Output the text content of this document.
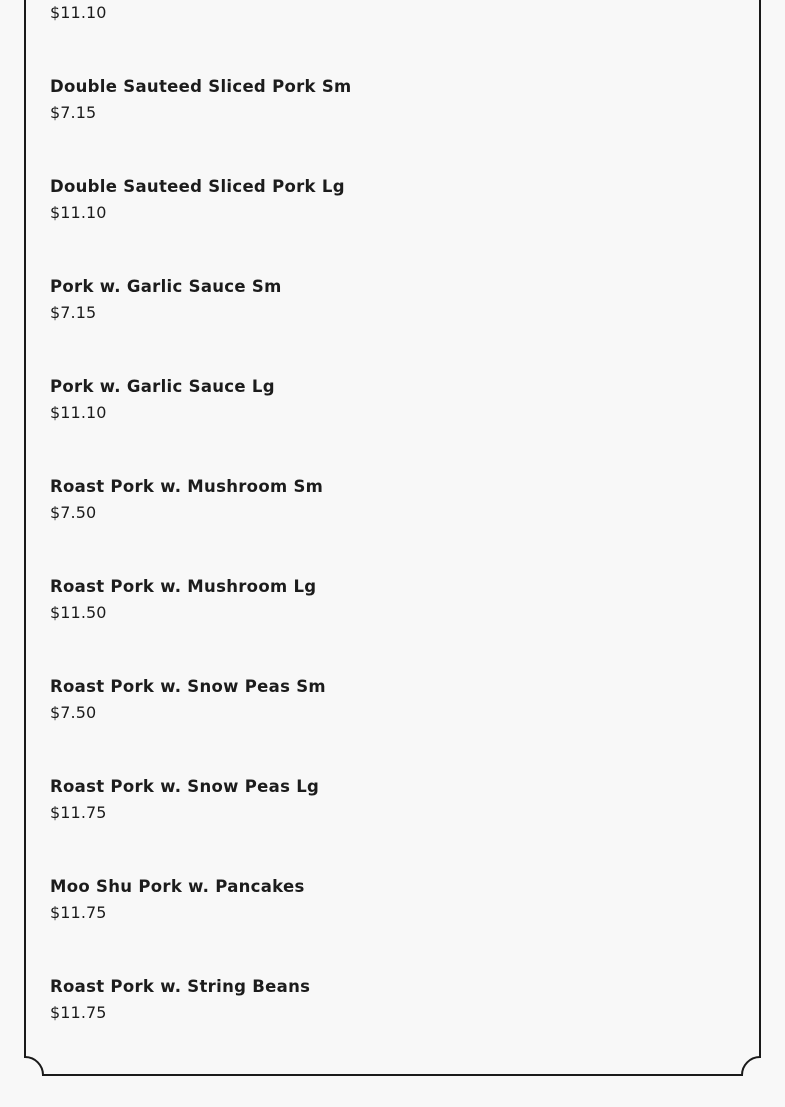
$11.10
Double Sauteed Sliced Pork Sm
$7.15
Double Sauteed Sliced Pork Lg
$11.10
Pork w. Garlic Sauce Sm
$7.15
Pork w. Garlic Sauce Lg
$11.10
Roast Pork w. Mushroom Sm
$7.50
Roast Pork w. Mushroom Lg
$11.50
Roast Pork w. Snow Peas Sm
$7.50
Roast Pork w. Snow Peas Lg
$11.75
Moo Shu Pork w. Pancakes
$11.75
Roast Pork w. String Beans
$11.75
